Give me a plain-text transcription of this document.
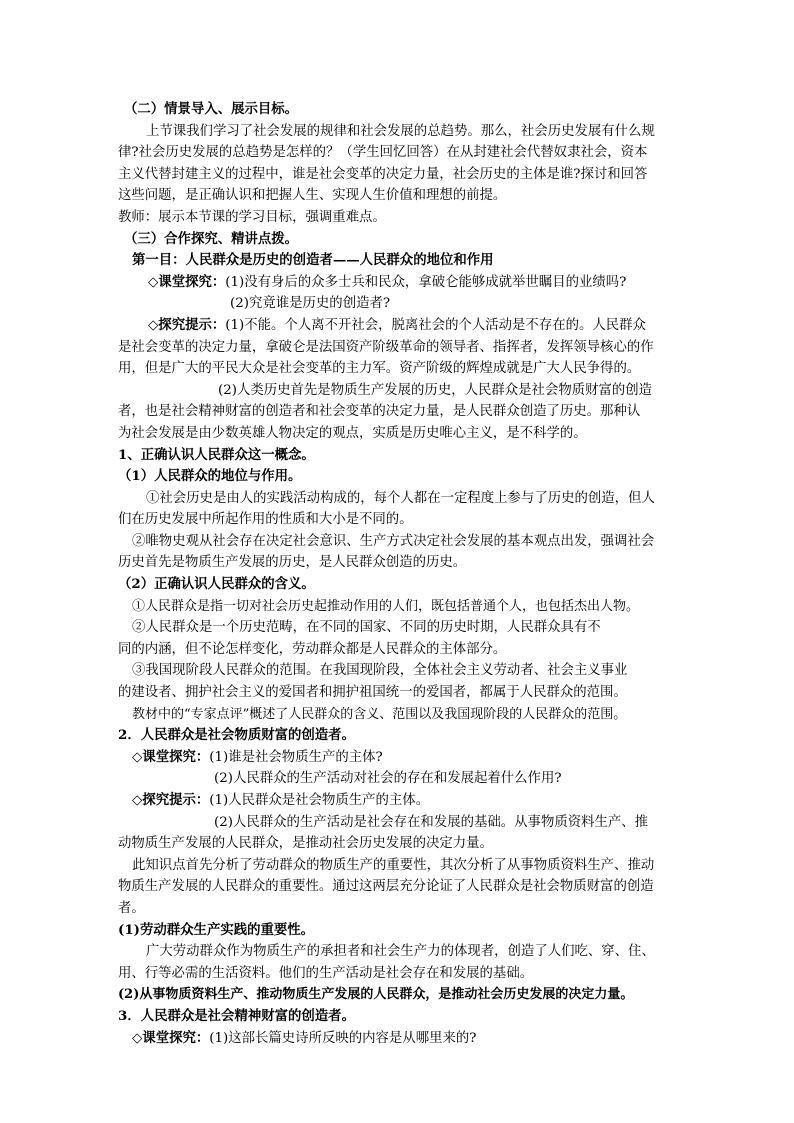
（二）情景导入、展示目标。
上节课我们学习了社会发展的规律和社会发展的总趋势。那么，社会历史发展有什么规
律?社会历史发展的总趋势是怎样的？（学生回忆回答）在从封建社会代替奴隶社会，资本
主义代替封建主义的过程中，谁是社会变革的决定力量，社会历史的主体是谁?探讨和回答
这些问题，是正确认识和把握人生、实现人生价值和理想的前提。
教师：展示本节课的学习目标，强调重难点。
（三）合作探究、精讲点拨。
第一目：人民群众是历史的创造者——人民群众的地位和作用
◇课堂探究：(1)没有身后的众多士兵和民众，拿破仑能够成就举世瞩目的业绩吗?
(2)究竟谁是历史的创造者?
◇探究提示：(1)不能。个人离不开社会，脱离社会的个人活动是不存在的。人民群众
是社会变革的决定力量，拿破仑是法国资产阶级革命的领导者、指挥者，发挥领导核心的作
用，但是广大的平民大众是社会变革的主力军。资产阶级的辉煌成就是广大人民争得的。
(2)人类历史首先是物质生产发展的历史，人民群众是社会物质财富的创造
者，也是社会精神财富的创造者和社会变革的决定力量，是人民群众创造了历史。那种认
为社会发展是由少数英雄人物决定的观点，实质是历史唯心主义，是不科学的。
1、正确认识人民群众这一概念。
（1）人民群众的地位与作用。
①社会历史是由人的实践活动构成的，每个人都在一定程度上参与了历史的创造，但人
们在历史发展中所起作用的性质和大小是不同的。
②唯物史观从社会存在决定社会意识、生产方式决定社会发展的基本观点出发，强调社会
历史首先是物质生产发展的历史，是人民群众创造的历史。
（2）正确认识人民群众的含义。
①人民群众是指一切对社会历史起推动作用的人们，既包括普通个人，也包括杰出人物。
②人民群众是一个历史范畴，在不同的国家、不同的历史时期，人民群众具有不
同的内涵，但不论怎样变化，劳动群众都是人民群众的主体部分。
③我国现阶段人民群众的范围。在我国现阶段，全体社会主义劳动者、社会主义事业
的建设者、拥护社会主义的爱国者和拥护祖国统一的爱国者，都属于人民群众的范围。
教材中的“专家点评”概述了人民群众的含义、范围以及我国现阶段的人民群众的范围。
2．人民群众是社会物质财富的创造者。
◇课堂探究：(1)谁是社会物质生产的主体?
(2)人民群众的生产活动对社会的存在和发展起着什么作用?
◇探究提示：(1)人民群众是社会物质生产的主体。
(2)人民群众的生产活动是社会存在和发展的基础。从事物质资料生产、推
动物质生产发展的人民群众，是推动社会历史发展的决定力量。
此知识点首先分析了劳动群众的物质生产的重要性，其次分析了从事物质资料生产、推动
物质生产发展的人民群众的重要性。通过这两层充分论证了人民群众是社会物质财富的创造
者。
(1)劳动群众生产实践的重要性。
广大劳动群众作为物质生产的承担者和社会生产力的体现者，创造了人们吃、穿、住、
用、行等必需的生活资料。他们的生产活动是社会存在和发展的基础。
(2)从事物质资料生产、推动物质生产发展的人民群众，是推动社会历史发展的决定力量。
3．人民群众是社会精神财富的创造者。
◇课堂探究：(1)这部长篇史诗所反映的内容是从哪里来的?
